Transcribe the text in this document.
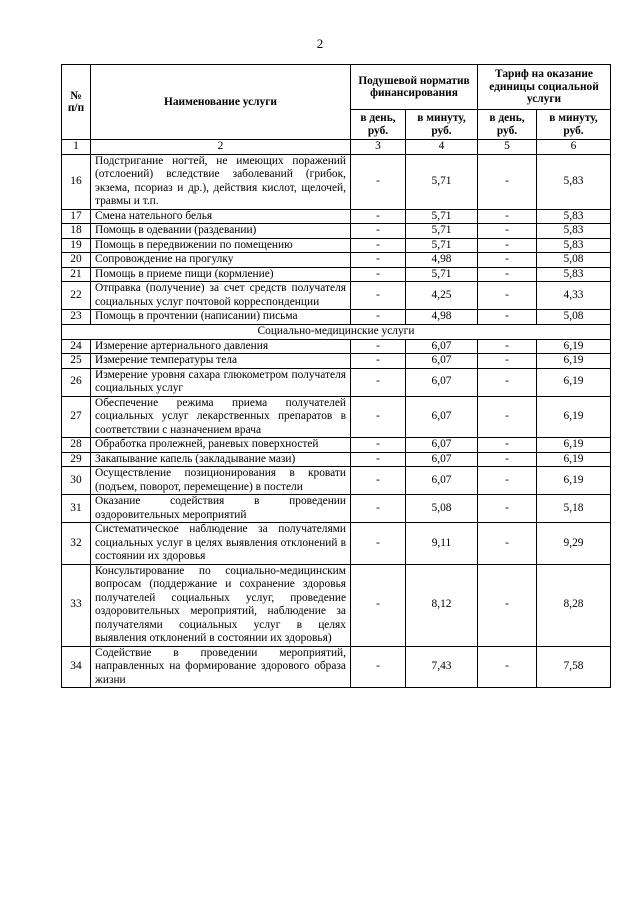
2
№ п/п	Наименование услуги	Подушевой норматив финансирования		Тариф на оказание единицы социальной услуги	
		в день, руб.	в минуту, руб.	в день, руб.	в минуту, руб.
1	2	3	4	5	6
16	Подстригание ногтей, не имеющих поражений (отслоений) вследствие заболеваний (грибок, экзема, псориаз и др.), действия кислот, щелочей, травмы и т.п.	-	5,71	-	5,83
17	Смена нательного белья	-	5,71	-	5,83
18	Помощь в одевании (раздевании)	-	5,71	-	5,83
19	Помощь в передвижении по помещению	-	5,71	-	5,83
20	Сопровождение на прогулку	-	4,98	-	5,08
21	Помощь в приеме пищи (кормление)	-	5,71	-	5,83
22	Отправка (получение) за счет средств получателя социальных услуг почтовой корреспонденции	-	4,25	-	4,33
23	Помощь в прочтении (написании) письма	-	4,98	-	5,08
Социально-медицинские услуги					
24	Измерение артериального давления	-	6,07	-	6,19
25	Измерение температуры тела	-	6,07	-	6,19
26	Измерение уровня сахара глюкометром получателя социальных услуг	-	6,07	-	6,19
27	Обеспечение режима приема получателей социальных услуг лекарственных препаратов в соответствии с назначением врача	-	6,07	-	6,19
28	Обработка пролежней, раневых поверхностей	-	6,07	-	6,19
29	Закапывание капель (закладывание мази)	-	6,07	-	6,19
30	Осуществление позиционирования в кровати (подъем, поворот, перемещение) в постели	-	6,07	-	6,19
31	Оказание содействия в проведении оздоровительных мероприятий	-	5,08	-	5,18
32	Систематическое наблюдение за получателями социальных услуг в целях выявления отклонений в состоянии их здоровья	-	9,11	-	9,29
33	Консультирование по социально-медицинским вопросам (поддержание и сохранение здоровья получателей социальных услуг, проведение оздоровительных мероприятий, наблюдение за получателями социальных услуг в целях выявления отклонений в состоянии их здоровья)	-	8,12	-	8,28
34	Содействие в проведении мероприятий, направленных на формирование здорового образа жизни	-	7,43	-	7,58
